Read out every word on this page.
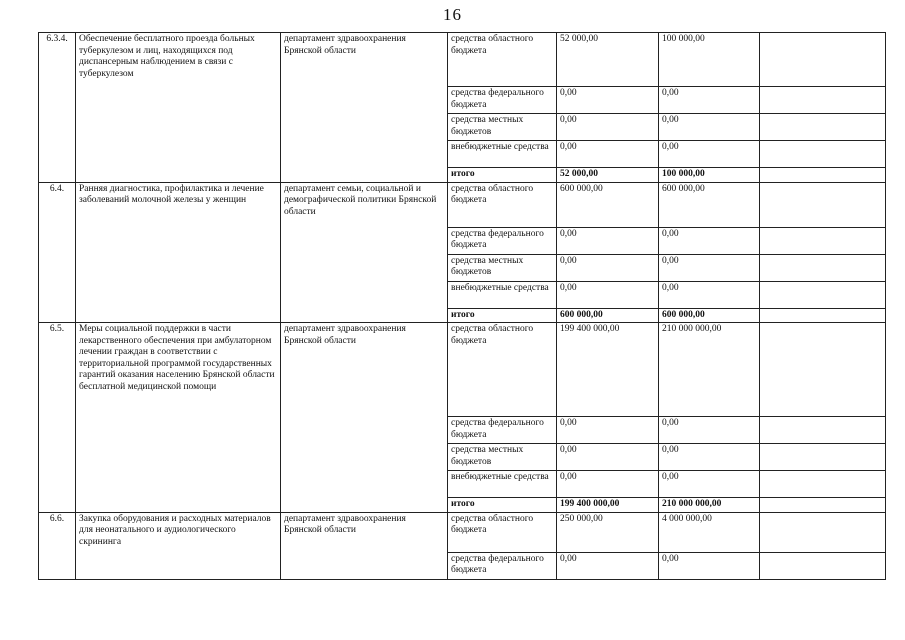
16
6.3.4.	Обеспечение бесплатного проезда больных туберкулезом и лиц, находящихся под диспансерным наблюдением в связи с туберкулезом	департамент здравоохранения Брянской области	средства областного бюджета	52 000,00	100 000,00	
			средства федерального бюджета	0,00	0,00	
			средства местных бюджетов	0,00	0,00	
			внебюджетные средства	0,00	0,00	
			итого	52 000,00	100 000,00	
6.4.	Ранняя диагностика, профилактика и лечение заболеваний молочной железы у женщин	департамент семьи, социальной и демографической политики Брянской области	средства областного бюджета	600 000,00	600 000,00	
			средства федерального бюджета	0,00	0,00	
			средства местных бюджетов	0,00	0,00	
			внебюджетные средства	0,00	0,00	
			итого	600 000,00	600 000,00	
6.5.	Меры социальной поддержки в части лекарственного обеспечения при амбулаторном лечении граждан в соответствии с территориальной программой государственных гарантий оказания населению Брянской области бесплатной медицинской помощи	департамент здравоохранения Брянской области	средства областного бюджета	199 400 000,00	210 000 000,00	
			средства федерального бюджета	0,00	0,00	
			средства местных бюджетов	0,00	0,00	
			внебюджетные средства	0,00	0,00	
			итого	199 400 000,00	210 000 000,00	
6.6.	Закупка оборудования и расходных материалов для неонатального и аудиологического скрининга	департамент здравоохранения Брянской области	средства областного бюджета	250 000,00	4 000 000,00	
			средства федерального бюджета	0,00	0,00	
